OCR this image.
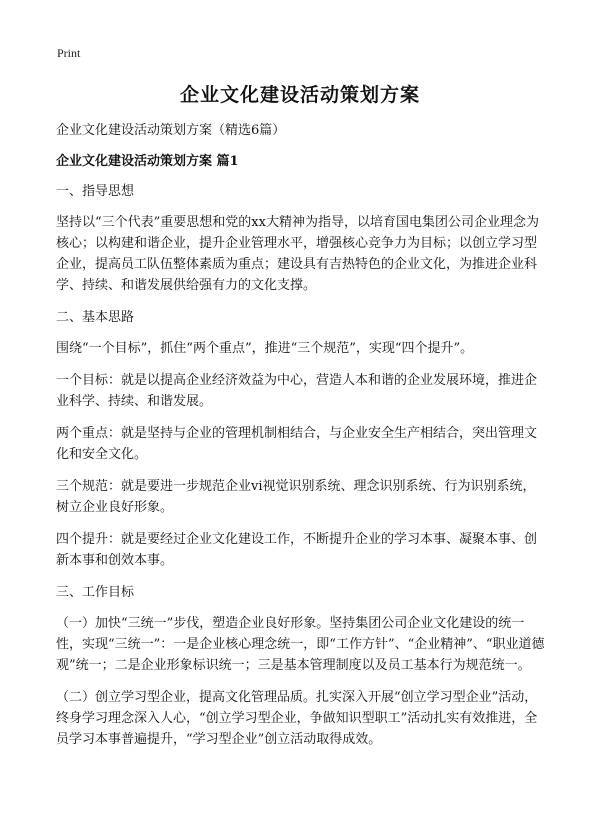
Print
企业文化建设活动策划方案

企业文化建设活动策划方案（精选6篇）

企业文化建设活动策划方案 篇1

一、指导思想

坚持以“三个代表”重要思想和党的xx大精神为指导，以培育国电集团公司企业理念为核心；以构建和谐企业，提升企业管理水平，增强核心竞争力为目标；以创立学习型企业，提高员工队伍整体素质为重点；建设具有吉热特色的企业文化，为推进企业科学、持续、和谐发展供给强有力的文化支撑。

二、基本思路

围绕“一个目标”，抓住“两个重点”，推进“三个规范”，实现“四个提升”。

一个目标：就是以提高企业经济效益为中心，营造人本和谐的企业发展环境，推进企业科学、持续、和谐发展。

两个重点：就是坚持与企业的管理机制相结合，与企业安全生产相结合，突出管理文化和安全文化。

三个规范：就是要进一步规范企业vi视觉识别系统、理念识别系统、行为识别系统，树立企业良好形象。

四个提升：就是要经过企业文化建设工作，不断提升企业的学习本事、凝聚本事、创新本事和创效本事。

三、工作目标

（一）加快“三统一”步伐，塑造企业良好形象。坚持集团公司企业文化建设的统一性，实现“三统一”：一是企业核心理念统一，即“工作方针”、“企业精神”、“职业道德观”统一；二是企业形象标识统一；三是基本管理制度以及员工基本行为规范统一。

（二）创立学习型企业，提高文化管理品质。扎实深入开展“创立学习型企业”活动，终身学习理念深入人心，“创立学习型企业，争做知识型职工”活动扎实有效推进，全员学习本事普遍提升，“学习型企业”创立活动取得成效。
